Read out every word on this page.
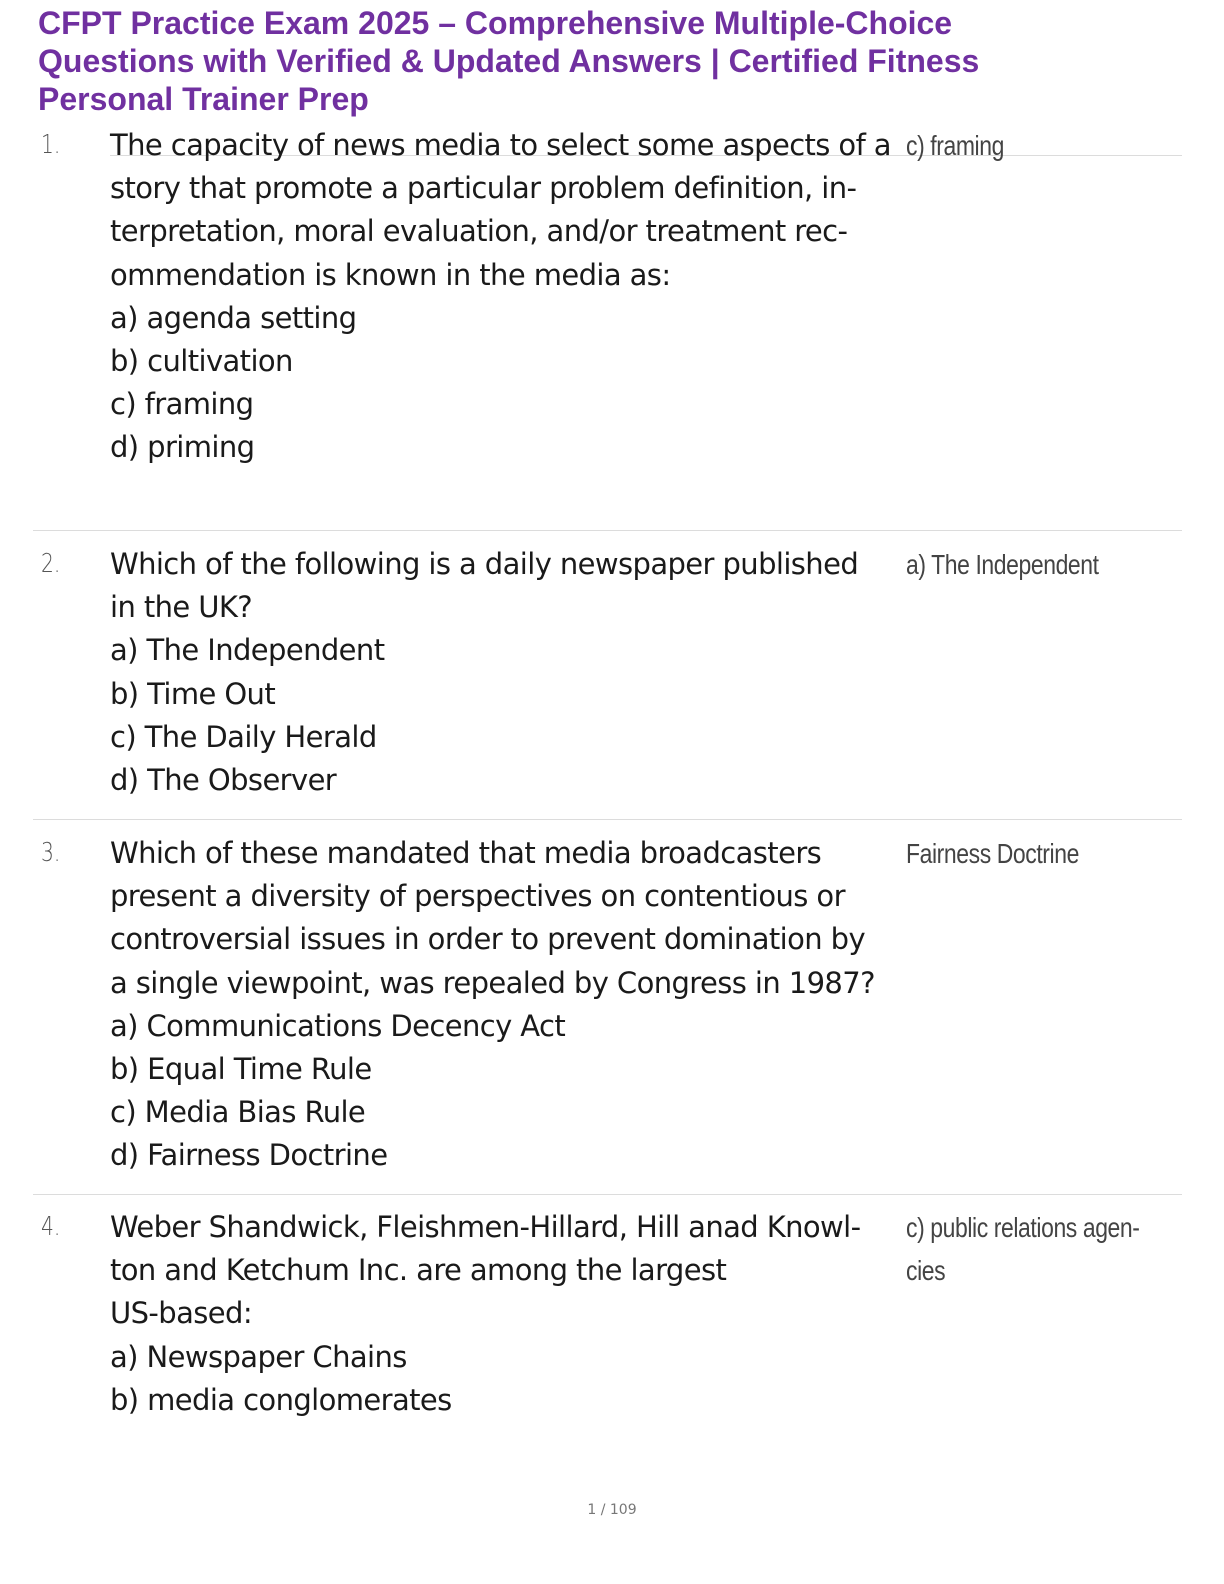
CFPT Practice Exam 2025 – Comprehensive Multiple-Choice
Questions with Verified & Updated Answers | Certified Fitness
Personal Trainer Prep
1. The capacity of news media to select some aspects of a
story that promote a particular problem definition, in-
terpretation, moral evaluation, and/or treatment rec-
ommendation is known in the media as:
a) agenda setting
b) cultivation
c) framing
d) priming
c) framing
2. Which of the following is a daily newspaper published
in the UK?
a) The Independent
b) Time Out
c) The Daily Herald
d) The Observer
a) The Independent
3. Which of these mandated that media broadcasters
present a diversity of perspectives on contentious or
controversial issues in order to prevent domination by
a single viewpoint, was repealed by Congress in 1987?
a) Communications Decency Act
b) Equal Time Rule
c) Media Bias Rule
d) Fairness Doctrine
Fairness Doctrine
4. Weber Shandwick, Fleishmen-Hillard, Hill anad Knowl-
ton and Ketchum Inc. are among the largest
US-based:
a) Newspaper Chains
b) media conglomerates
c) public relations agen-
cies
1 / 109
